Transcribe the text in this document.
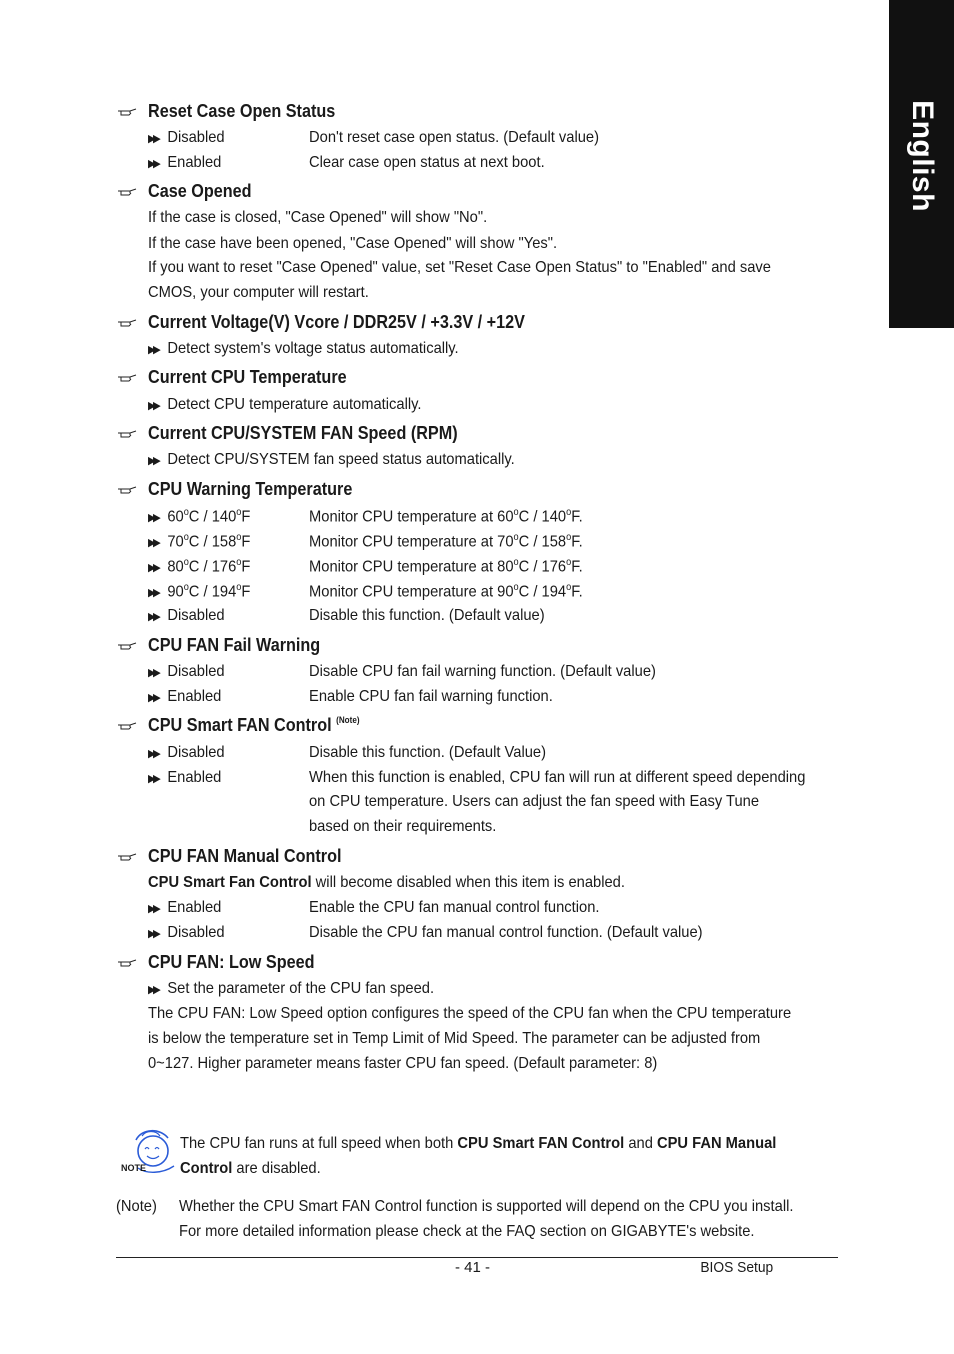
English
Reset Case Open Status
▶▶ Disabled	Don't reset case open status. (Default value)
▶▶ Enabled	Clear case open status at next boot.
Case Opened
If the case is closed, "Case Opened" will show "No".
If the case have been opened, "Case Opened" will show "Yes".
If you want to reset "Case Opened" value, set "Reset Case Open Status" to "Enabled" and save
CMOS, your computer will restart.
Current Voltage(V) Vcore / DDR25V / +3.3V / +12V
▶▶ Detect system's voltage status automatically.
Current CPU Temperature
▶▶ Detect CPU temperature automatically.
Current CPU/SYSTEM FAN Speed (RPM)
▶▶ Detect CPU/SYSTEM fan speed status automatically.
CPU Warning Temperature
▶▶ 60$^o$C / 140$^o$F	Monitor CPU temperature at 60$^o$C / 140$^o$F.
▶▶ 70$^o$C / 158$^o$F	Monitor CPU temperature at 70$^o$C / 158$^o$F.
▶▶ 80$^o$C / 176$^o$F	Monitor CPU temperature at 80$^o$C / 176$^o$F.
▶▶ 90$^o$C / 194$^o$F	Monitor CPU temperature at 90$^o$C / 194$^o$F.
▶▶ Disabled	Disable this function. (Default value)
CPU FAN Fail Warning
▶▶ Disabled	Disable CPU fan fail warning function. (Default value)
▶▶ Enabled	Enable CPU fan fail warning function.
CPU Smart FAN Control $^{(Note)}$
▶▶ Disabled	Disable this function. (Default Value)
▶▶ Enabled	When this function is enabled, CPU fan will run at different speed depending
on CPU temperature. Users can adjust the fan speed with Easy Tune
based on their requirements.
CPU FAN Manual Control
CPU Smart Fan Control will become disabled when this item is enabled.
▶▶ Enabled	Enable the CPU fan manual control function.
▶▶ Disabled	Disable the CPU fan manual control function. (Default value)
CPU FAN: Low Speed
▶▶ Set the parameter of the CPU fan speed.
The CPU FAN: Low Speed option configures the speed of the CPU fan when the CPU temperature
is below the temperature set in Temp Limit of Mid Speed. The parameter can be adjusted from
0~127. Higher parameter means faster CPU fan speed. (Default parameter: 8)
NOTE
The CPU fan runs at full speed when both CPU Smart FAN Control and CPU FAN Manual
Control are disabled.
(Note) Whether the CPU Smart FAN Control function is supported will depend on the CPU you install.
For more detailed information please check at the FAQ section on GIGABYTE's website.
- 41 -	BIOS Setup
